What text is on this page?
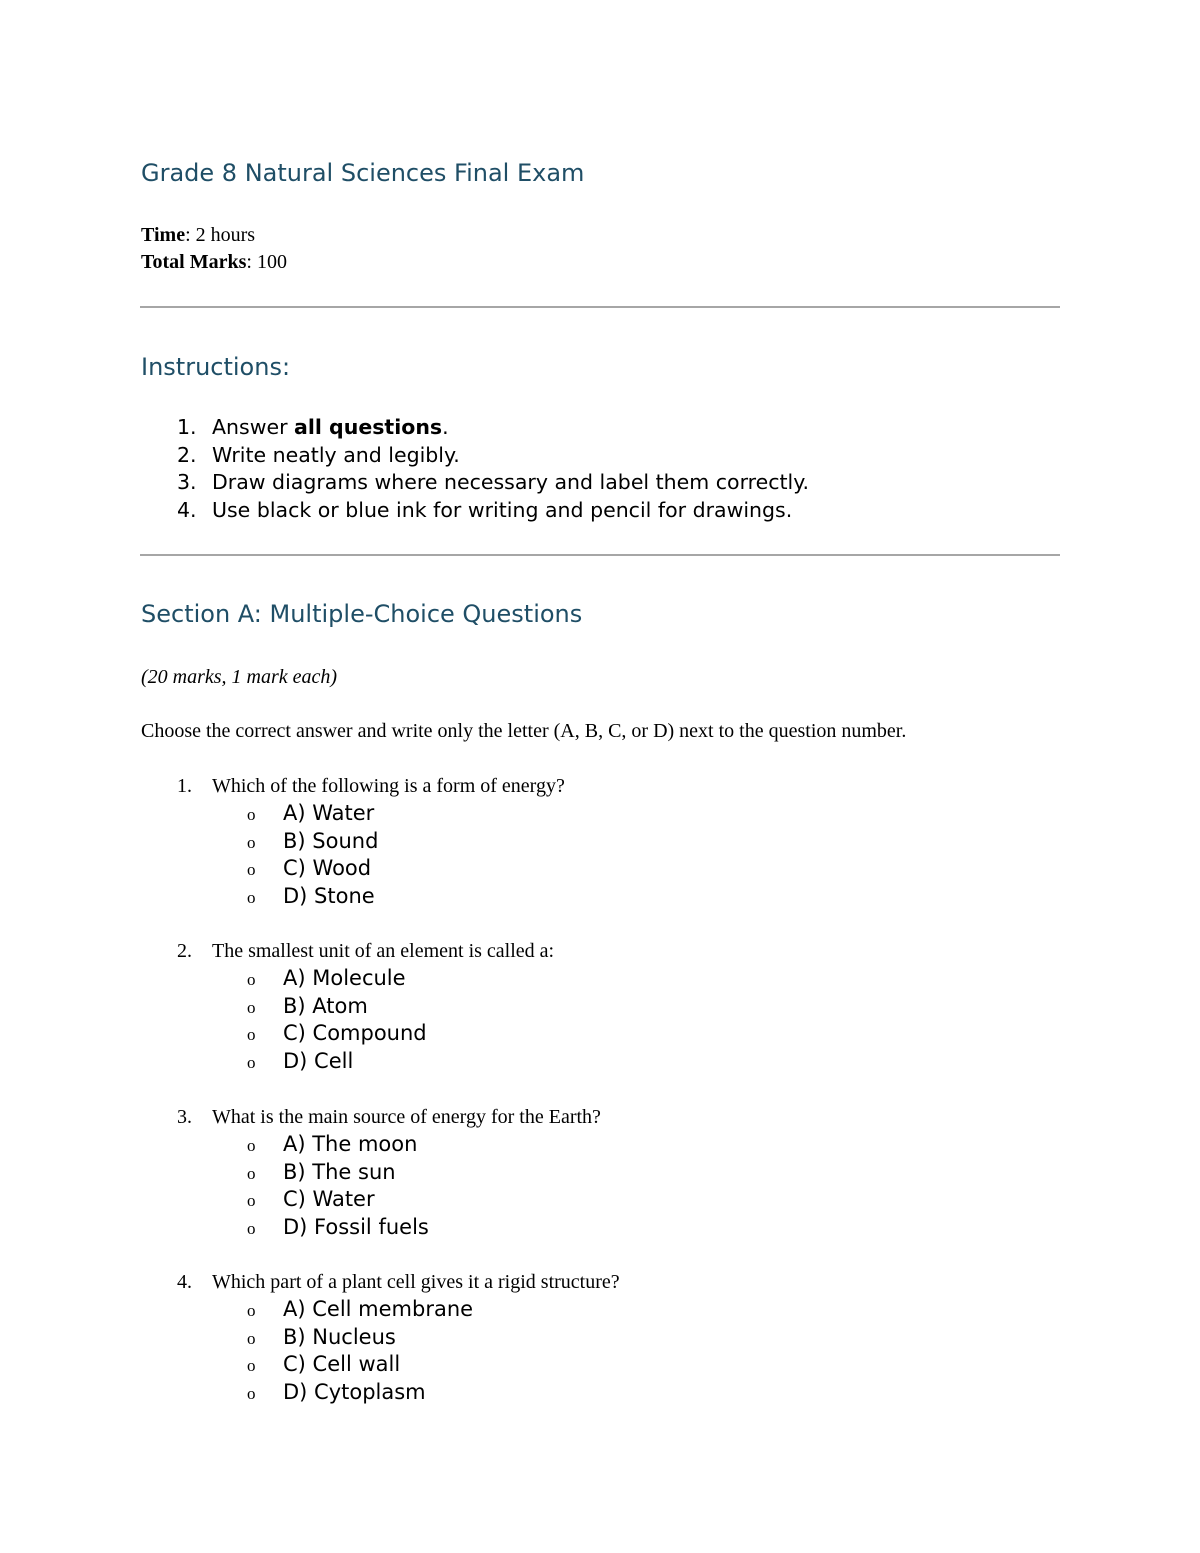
Grade 8 Natural Sciences Final Exam

Time: 2 hours

Total Marks: 100

Instructions:
1. Answer all questions.
2. Write neatly and legibly.
3. Draw diagrams where necessary and label them correctly.
4. Use black or blue ink for writing and pencil for drawings.
Section A: Multiple-Choice Questions

(20 marks, 1 mark each)

Choose the correct answer and write only the letter (A, B, C, or D) next to the question number.

1. Which of the following is a form of energy?
o A) Water
o B) Sound
o C) Wood
o D) Stone
2. The smallest unit of an element is called a:
o A) Molecule
o B) Atom
o C) Compound
o D) Cell
3. What is the main source of energy for the Earth?
o A) The moon
o B) The sun
o C) Water
o D) Fossil fuels
4. Which part of a plant cell gives it a rigid structure?
o A) Cell membrane
o B) Nucleus
o C) Cell wall
o D) Cytoplasm
